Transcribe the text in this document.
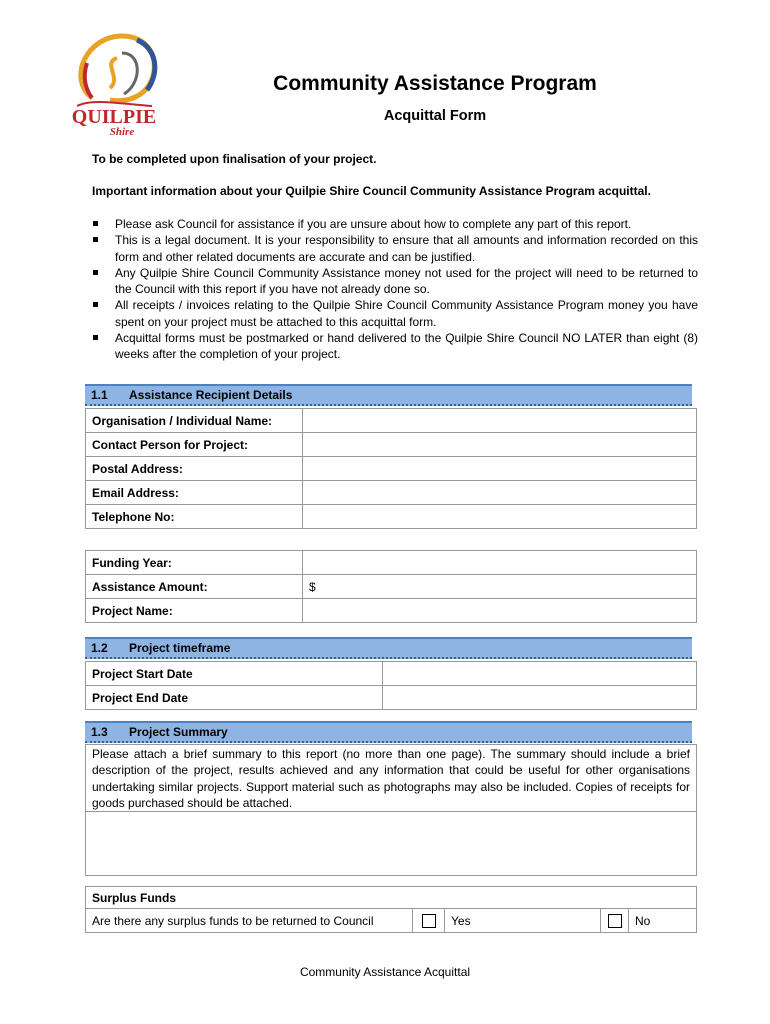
QUILPIE
Shire
Community Assistance Program
Acquittal Form
To be completed upon finalisation of your project.
Important information about your Quilpie Shire Council Community Assistance Program acquittal.
Please ask Council for assistance if you are unsure about how to complete any part of this report.
This is a legal document. It is your responsibility to ensure that all amounts and information recorded on this form and other related documents are accurate and can be justified.
Any Quilpie Shire Council Community Assistance money not used for the project will need to be returned to the Council with this report if you have not already done so.
All receipts / invoices relating to the Quilpie Shire Council Community Assistance Program money you have spent on your project must be attached to this acquittal form.
Acquittal forms must be postmarked or hand delivered to the Quilpie Shire Council NO LATER than eight (8) weeks after the completion of your project.
1.1 Assistance Recipient Details
Organisation / Individual Name:	
Contact Person for Project:	
Postal Address:	
Email Address:	
Telephone No:	
Funding Year:	
Assistance Amount:	$
Project Name:	
1.2 Project timeframe
Project Start Date	
Project End Date	
1.3 Project Summary
Please attach a brief summary to this report (no more than one page). The summary should include a brief description of the project, results achieved and any information that could be useful for other organisations undertaking similar projects. Support material such as photographs may also be included. Copies of receipts for goods purchased should be attached.

Surplus Funds
Are there any surplus funds to be returned to Council		Yes		No
Community Assistance Acquittal
